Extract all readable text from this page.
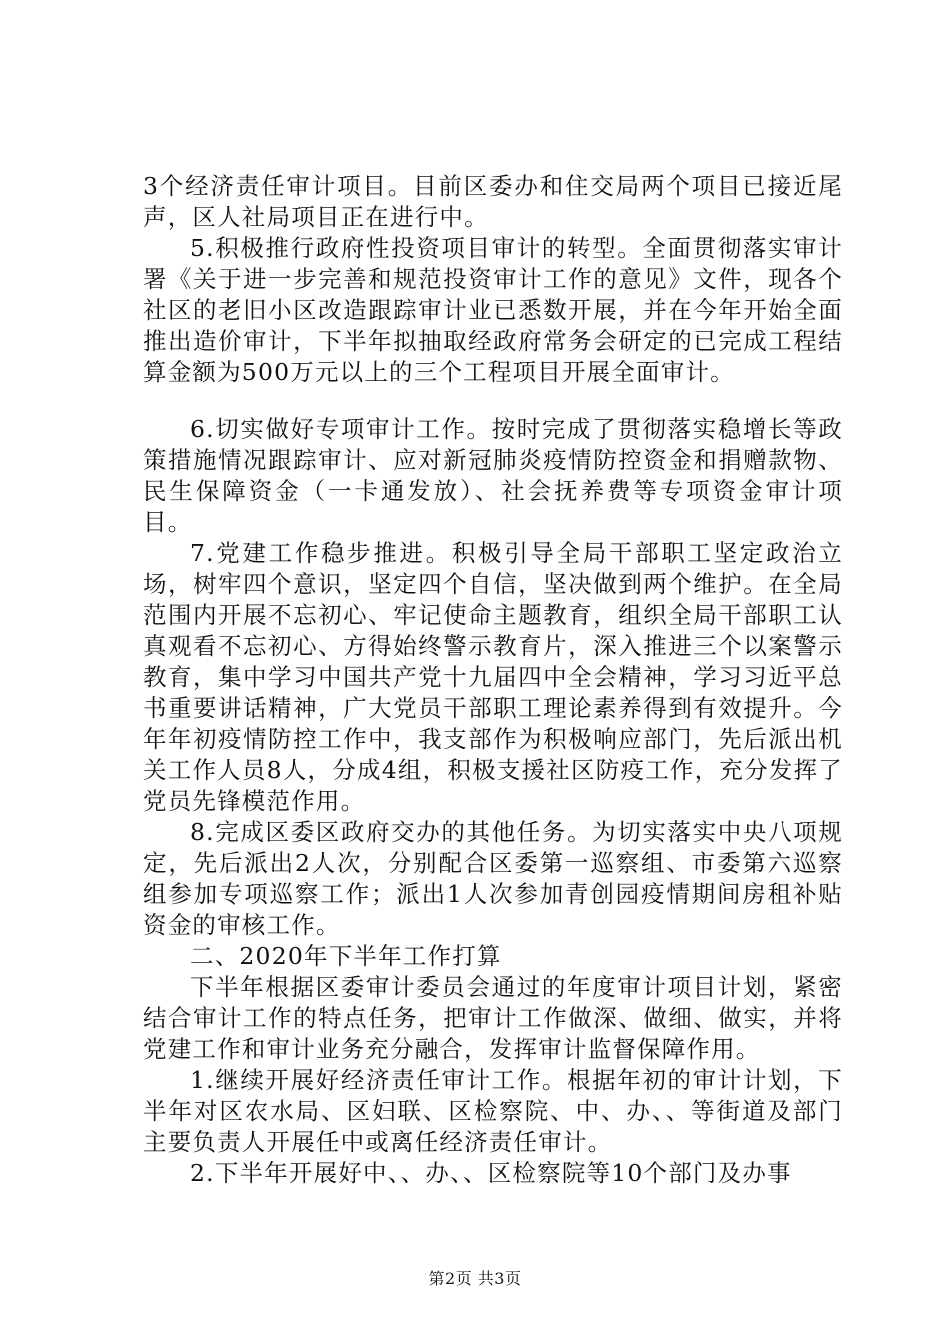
3个经济责任审计项目。目前区委办和住交局两个项目已接近尾声，区人社局项目正在进行中。

5.积极推行政府性投资项目审计的转型。全面贯彻落实审计署《关于进一步完善和规范投资审计工作的意见》文件，现各个社区的老旧小区改造跟踪审计业已悉数开展，并在今年开始全面推出造价审计，下半年拟抽取经政府常务会研定的已完成工程结算金额为500万元以上的三个工程项目开展全面审计。

6.切实做好专项审计工作。按时完成了贯彻落实稳增长等政策措施情况跟踪审计、应对新冠肺炎疫情防控资金和捐赠款物、民生保障资金（一卡通发放）、社会抚养费等专项资金审计项目。

7.党建工作稳步推进。积极引导全局干部职工坚定政治立场，树牢四个意识，坚定四个自信，坚决做到两个维护。在全局范围内开展不忘初心、牢记使命主题教育，组织全局干部职工认真观看不忘初心、方得始终警示教育片，深入推进三个以案警示教育，集中学习中国共产党十九届四中全会精神，学习习近平总书重要讲话精神，广大党员干部职工理论素养得到有效提升。今年年初疫情防控工作中，我支部作为积极响应部门，先后派出机关工作人员8人，分成4组，积极支援社区防疫工作，充分发挥了党员先锋模范作用。

8.完成区委区政府交办的其他任务。为切实落实中央八项规定，先后派出2人次，分别配合区委第一巡察组、市委第六巡察组参加专项巡察工作；派出1人次参加青创园疫情期间房租补贴资金的审核工作。

二、2020年下半年工作打算

下半年根据区委审计委员会通过的年度审计项目计划，紧密结合审计工作的特点任务，把审计工作做深、做细、做实，并将党建工作和审计业务充分融合，发挥审计监督保障作用。

1.继续开展好经济责任审计工作。根据年初的审计计划，下半年对区农水局、区妇联、区检察院、中、办、、等街道及部门主要负责人开展任中或离任经济责任审计。

2.下半年开展好中、、办、、区检察院等10个部门及办事

第2页 共3页
